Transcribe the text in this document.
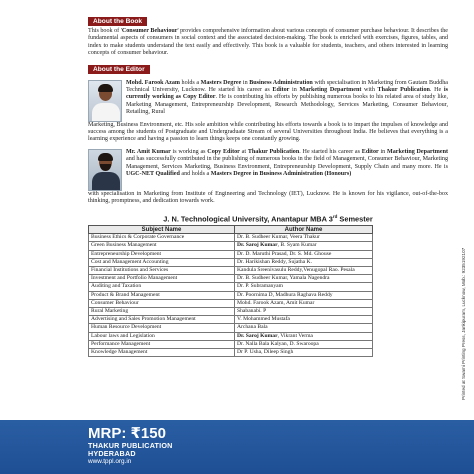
About the Book

This book of 'Consumer Behaviour' provides comprehensive information about various concepts of consumer purchase behaviour. It describes the fundamental aspects of consumers in social context and the associated decision-making. The book is enriched with exercises, figures, tables, and index to make students understand the text easily and effectively. This book is a valuable for students, teachers, and others interested in learning concepts of consumer behaviour.

About the Editor

Mohd. Farook Azam holds a Masters Degree in Business Administration with specialisation in Marketing from Gautam Buddha Technical University, Lucknow. He started his career as Editor in Marketing Department with Thakur Publication. He is currently working as Copy Editor. He is contributing his efforts by publishing numerous books to his related area of study like, Marketing Management, Entrepreneurship Development, Research Methodology, Services Marketing, Consumer Behaviour, Retailing, Rural

Marketing, Business Environment, etc. His sole ambition while contributing his efforts towards a book is to impart the impulses of knowledge and success among the students of Postgraduate and Undergraduate Stream of several Universities throughout India. He believes that everything is a learning experience and having a passion to learn things keeps one constantly growing.

Mr. Amit Kumar is working as Copy Editor at Thakur Publication. He started his career as Editor in Marketing Department and has successfully contributed in the publishing of numerous books in the field of Management, Consumer Behaviour, Marketing Management, Services Marketing, Business Environment, Entrepreneurship Development, Supply Chain and many more. He is UGC-NET Qualified and holds a Masters Degree in Business Administration (Honours)

with specialisation in Marketing from Institute of Engineering and Technology (IET), Lucknow. He is known for his vigilance, out-of-the-box thinking, promptness, and dedication towards work.

J. N. Technological University, Anantapur MBA 3rd Semester
Subject Name	Author Name
Business Ethics & Corporate Governance	Dr. B. Sudheer Kumar, Veera Thakur
Green Business Management	Dr. Saroj Kumar, B. Syam Kumar
Entrepreneurship Development	Dr. D. Maruthi Prasad, Dr. S. Md. Ghouse
Cost and Management Accounting	Dr. Harikishan Reddy, Sujatha K.
Financial Institutions and Services	Kandula Sreenivasulu Reddy,Venugopal Rao. Pesala
Investment and Portfolio Management	Dr. B. Sudheer Kumar, Yamala Nagendra
Auditing and Taxation	Dr. P. Subramanyam
Product & Brand Management	Dr. Poornima D, Madhura Raghava Reddy
Consumer Behaviour	Mohd. Farook Azam, Amit Kumar
Rural Marketing	Shabanabi. P
Advertising and Sales Promotion Management	V. Mohammed Mustafa
Human Resource Development	Archana Bala
Labour laws and Legislation	Dr. Saroj Kumar, Vikrant Verma
Performance Management	Dr. Nalla Bala Kalyan, D. Swaroopa
Knowledge Management	Dr P. Usha, Dileep Singh	Printed at Swami Printing Press, Jankipuram, Lucknow, Mob.: 9235192107
MRP: ₹150
THAKUR PUBLICATION
HYDERABAD
www.tppl.org.in
